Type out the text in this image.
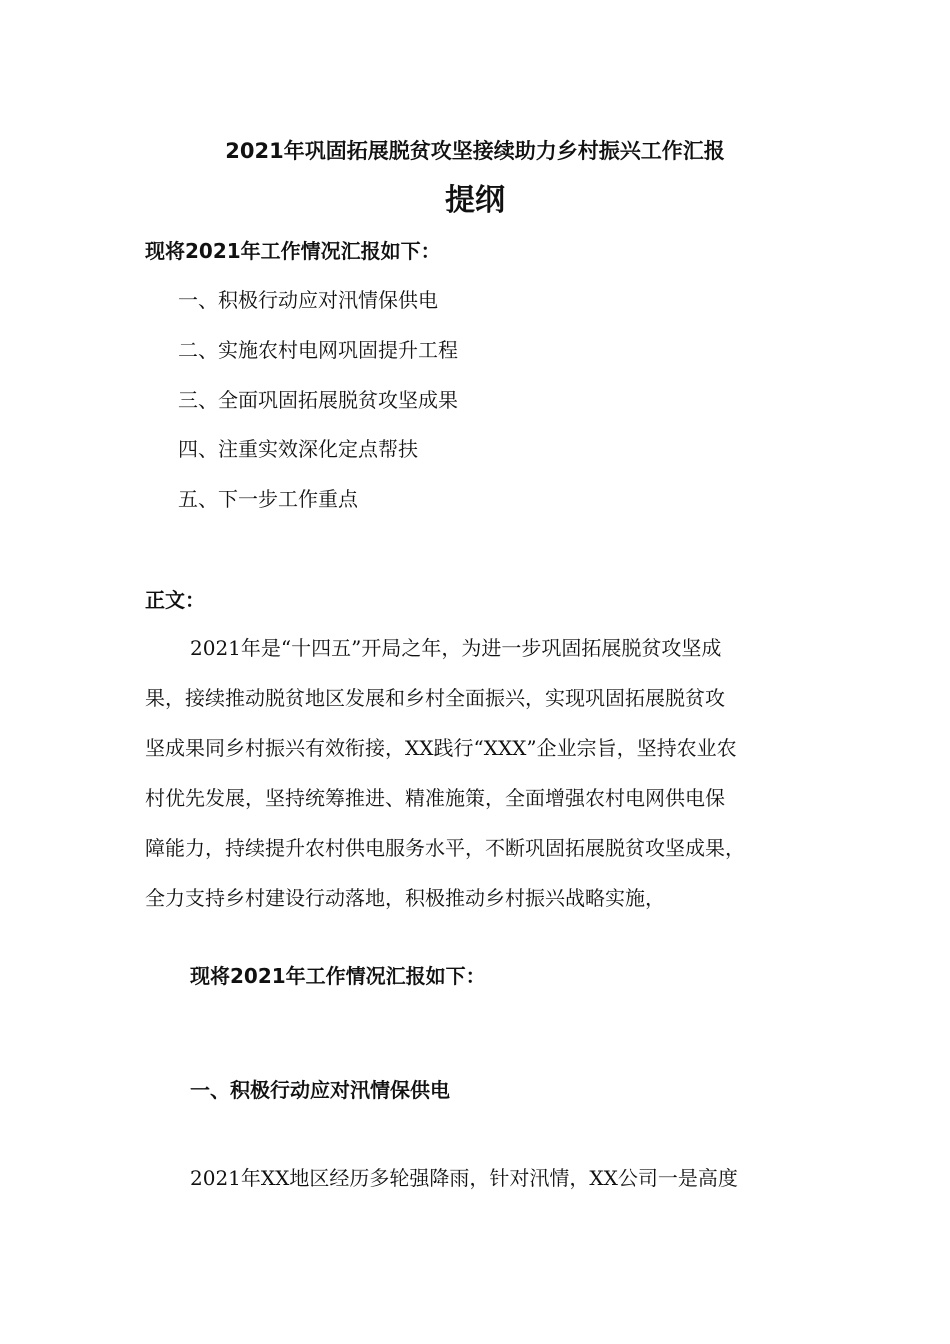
2021年巩固拓展脱贫攻坚接续助力乡村振兴工作汇报
提纲
现将2021年工作情况汇报如下：
一、积极行动应对汛情保供电
二、实施农村电网巩固提升工程
三、全面巩固拓展脱贫攻坚成果
四、注重实效深化定点帮扶
五、下一步工作重点
正文：
2021年是“十四五”开局之年，为进一步巩固拓展脱贫攻坚成
果，接续推动脱贫地区发展和乡村全面振兴，实现巩固拓展脱贫攻
坚成果同乡村振兴有效衔接，XX践行“XXX”企业宗旨，坚持农业农
村优先发展，坚持统筹推进、精准施策，全面增强农村电网供电保
障能力，持续提升农村供电服务水平，不断巩固拓展脱贫攻坚成果，
全力支持乡村建设行动落地，积极推动乡村振兴战略实施，
现将2021年工作情况汇报如下：
一、积极行动应对汛情保供电
2021年XX地区经历多轮强降雨，针对汛情，XX公司一是高度
